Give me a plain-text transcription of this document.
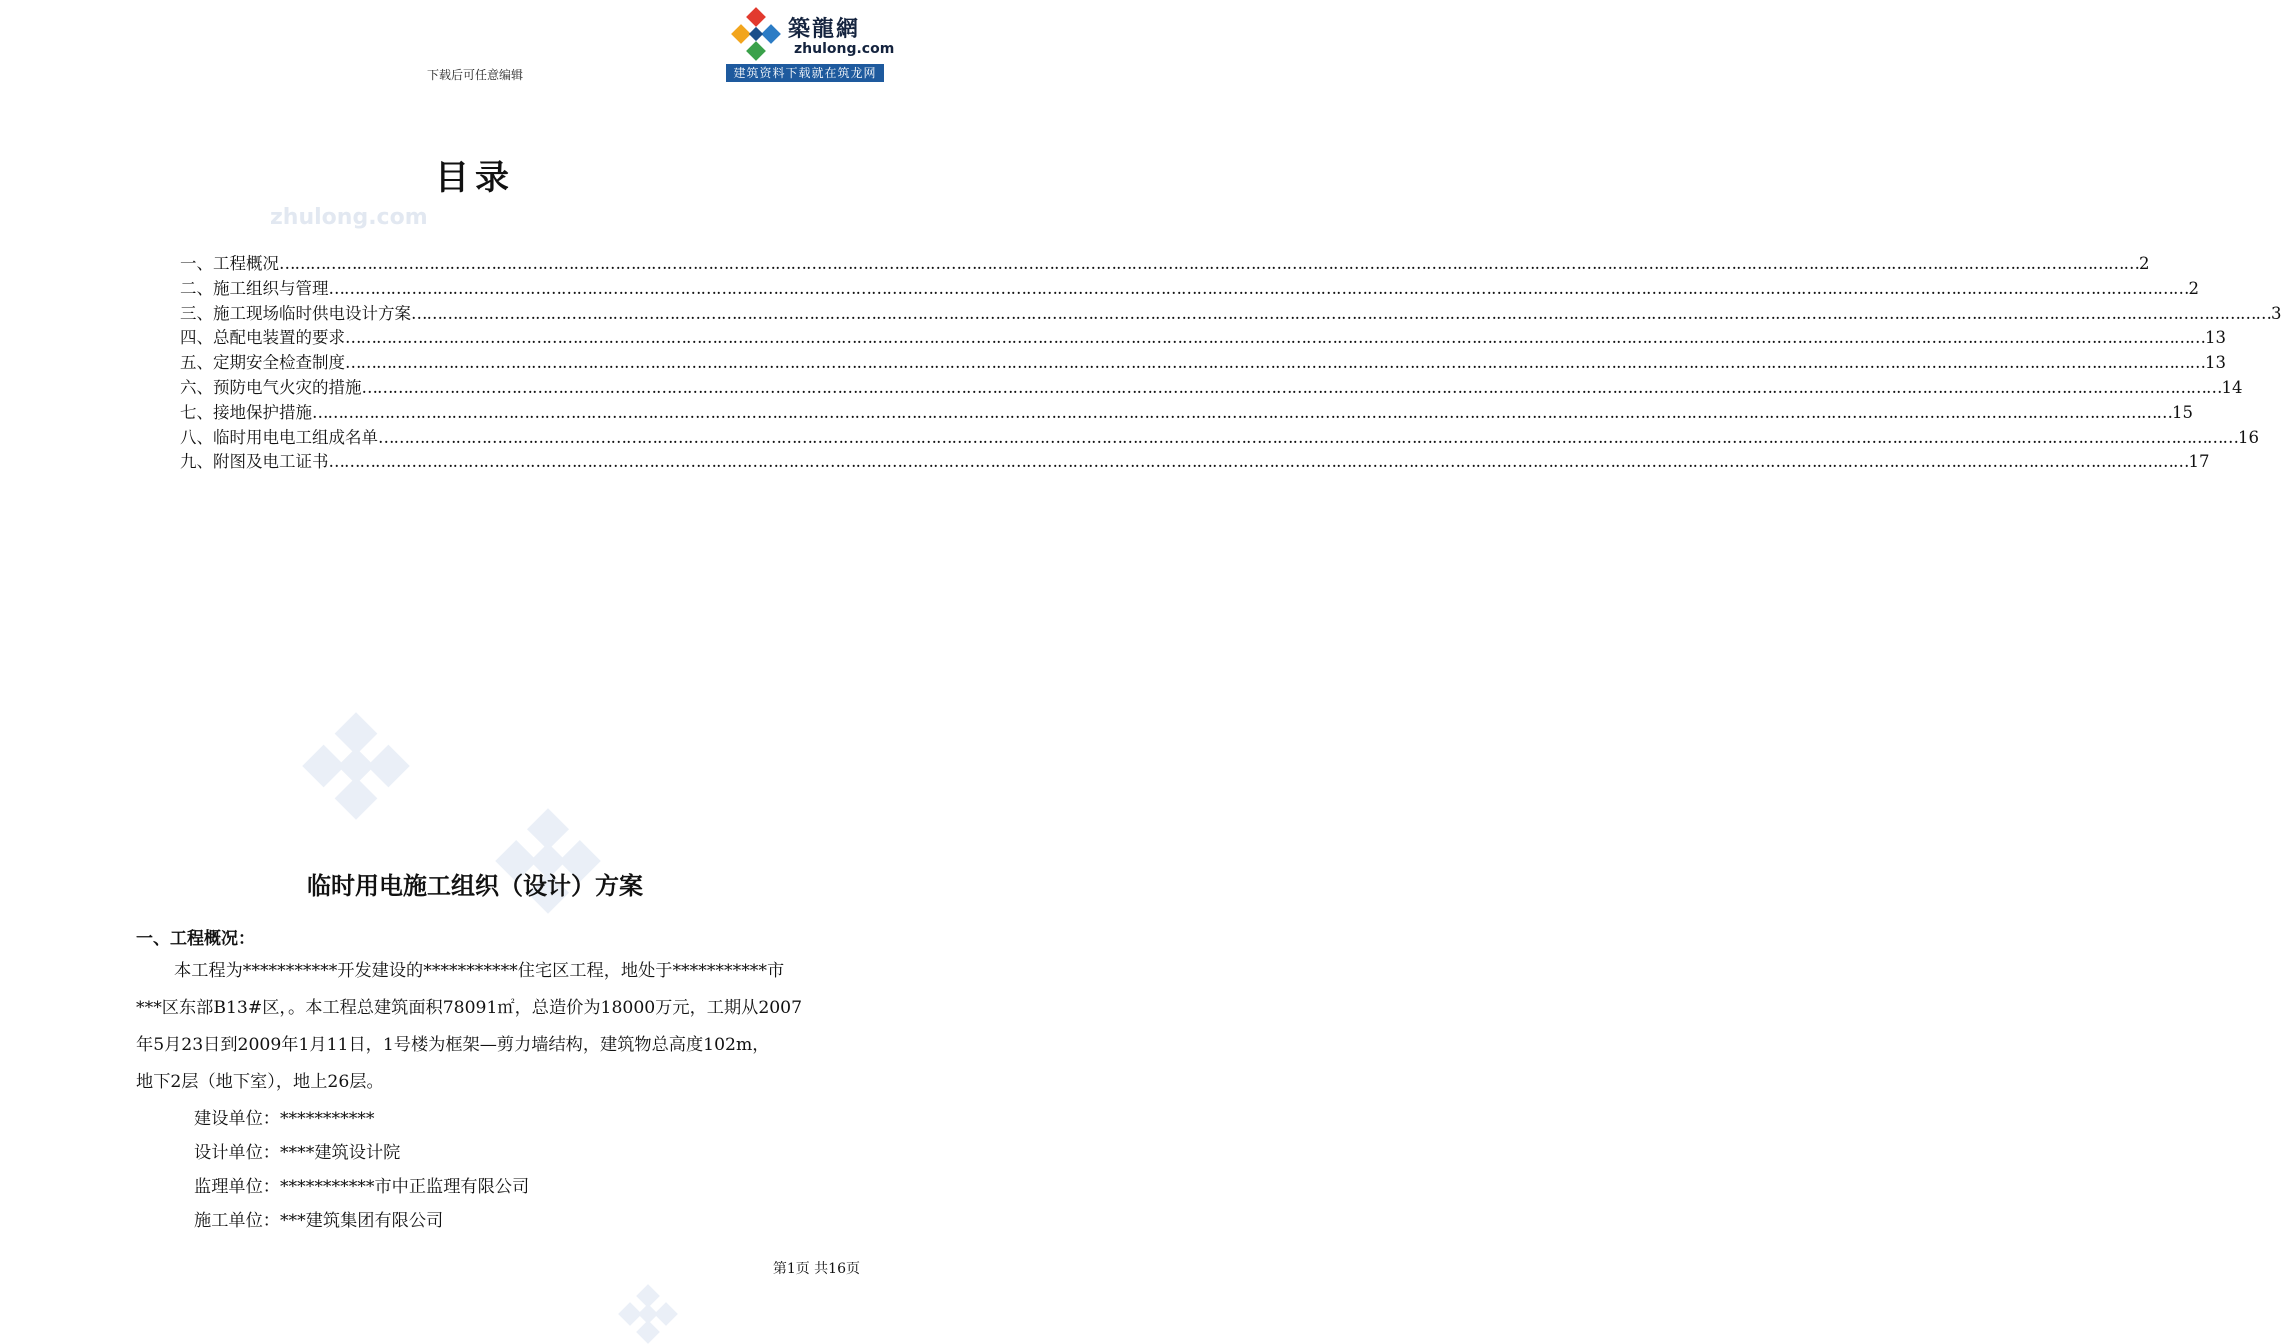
下载后可任意编辑
築龍網
zhulong.com
建筑资料下载就在筑龙网
目录
zhulong.com
一、工程概况 ……………………………………………………………………………………………………………………………………………………………………………………………………………………………………………………………………………………………………………………………… 2
二、施工组织与管理 ……………………………………………………………………………………………………………………………………………………………………………………………………………………………………………………………………………………………………………………………… 2
三、施工现场临时供电设计方案 ……………………………………………………………………………………………………………………………………………………………………………………………………………………………………………………………………………………………………………………………… 3
四、总配电装置的要求 ……………………………………………………………………………………………………………………………………………………………………………………………………………………………………………………………………………………………………………………………… 13
五、定期安全检查制度 ……………………………………………………………………………………………………………………………………………………………………………………………………………………………………………………………………………………………………………………………… 13
六、预防电气火灾的措施 ……………………………………………………………………………………………………………………………………………………………………………………………………………………………………………………………………………………………………………………………… 14
七、接地保护措施 ……………………………………………………………………………………………………………………………………………………………………………………………………………………………………………………………………………………………………………………………… 15
八、临时用电电工组成名单 ……………………………………………………………………………………………………………………………………………………………………………………………………………………………………………………………………………………………………………………………… 16
九、附图及电工证书 ……………………………………………………………………………………………………………………………………………………………………………………………………………………………………………………………………………………………………………………………… 17
临时用电施工组织（设计）方案
一、工程概况：
本工程为***********开发建设的***********住宅区工程，地处于***********市
***区东部B13#区，。本工程总建筑面积78091㎡，总造价为18000万元，工期从2007
年5月23日到2009年1月11日，1号楼为框架—剪力墙结构，建筑物总高度102m，
地下2层（地下室），地上26层。
建设单位：***********
设计单位：****建筑设计院
监理单位：***********市中正监理有限公司
施工单位：***建筑集团有限公司
第1页 共16页
